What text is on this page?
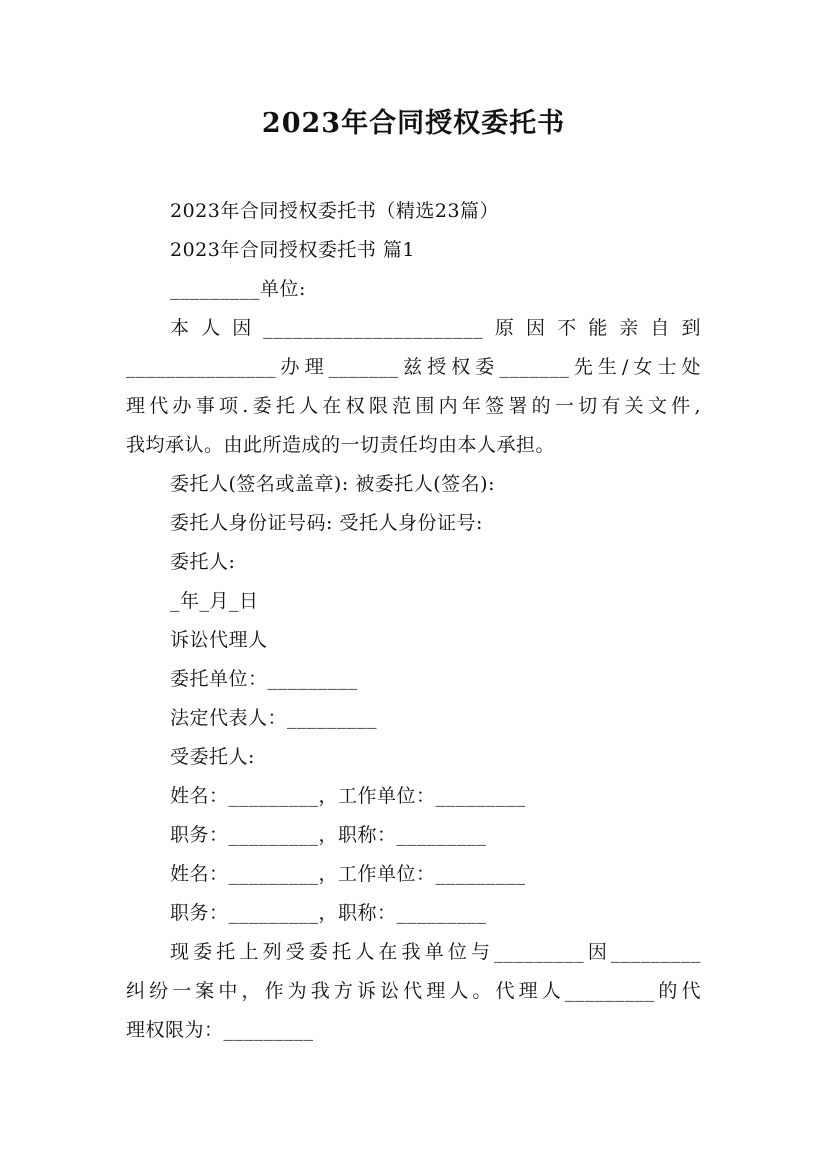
2023年合同授权委托书
2023年合同授权委托书（精选23篇）
2023年合同授权委托书 篇1
_________单位:
本人因______________________原因不能亲自到
_______________办理_______兹授权委_______先生/女士处
理代办事项.委托人在权限范围内年签署的一切有关文件,
我均承认。由此所造成的一切责任均由本人承担。
委托人(签名或盖章): 被委托人(签名):
委托人身份证号码: 受托人身份证号:
委托人:
_年_月_日
诉讼代理人
委托单位：_________
法定代表人：_________
受委托人:
姓名：_________，工作单位：_________
职务：_________，职称：_________
姓名：_________，工作单位：_________
职务：_________，职称：_________
现委托上列受委托人在我单位与_________因_________
纠纷一案中，作为我方诉讼代理人。代理人_________的代
理权限为：_________
